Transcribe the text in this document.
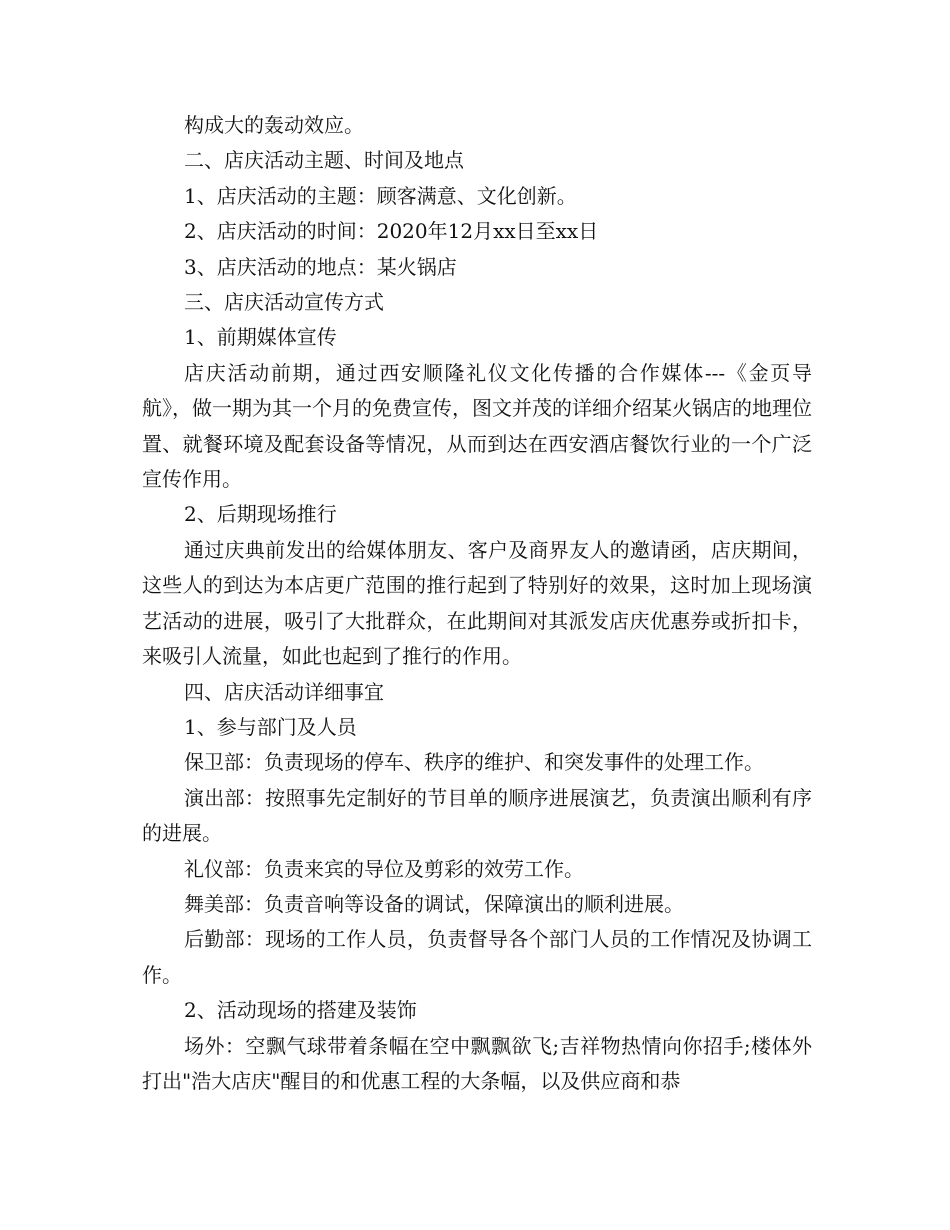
构成大的轰动效应。

二、店庆活动主题、时间及地点

1、店庆活动的主题：顾客满意、文化创新。

2、店庆活动的时间：2020年12月xx日至xx日

3、店庆活动的地点：某火锅店

三、店庆活动宣传方式

1、前期媒体宣传

店庆活动前期，通过西安顺隆礼仪文化传播的合作媒体---《金页导航》，做一期为其一个月的免费宣传，图文并茂的详细介绍某火锅店的地理位置、就餐环境及配套设备等情况，从而到达在西安酒店餐饮行业的一个广泛宣传作用。

2、后期现场推行

通过庆典前发出的给媒体朋友、客户及商界友人的邀请函，店庆期间，这些人的到达为本店更广范围的推行起到了特别好的效果，这时加上现场演艺活动的进展，吸引了大批群众，在此期间对其派发店庆优惠券或折扣卡，来吸引人流量，如此也起到了推行的作用。

四、店庆活动详细事宜

1、参与部门及人员

保卫部：负责现场的停车、秩序的维护、和突发事件的处理工作。

演出部：按照事先定制好的节目单的顺序进展演艺，负责演出顺利有序的进展。

礼仪部：负责来宾的导位及剪彩的效劳工作。

舞美部：负责音响等设备的调试，保障演出的顺利进展。

后勤部：现场的工作人员，负责督导各个部门人员的工作情况及协调工作。

2、活动现场的搭建及装饰

场外：空飘气球带着条幅在空中飘飘欲飞;吉祥物热情向你招手;楼体外打出"浩大店庆"醒目的和优惠工程的大条幅，以及供应商和恭
